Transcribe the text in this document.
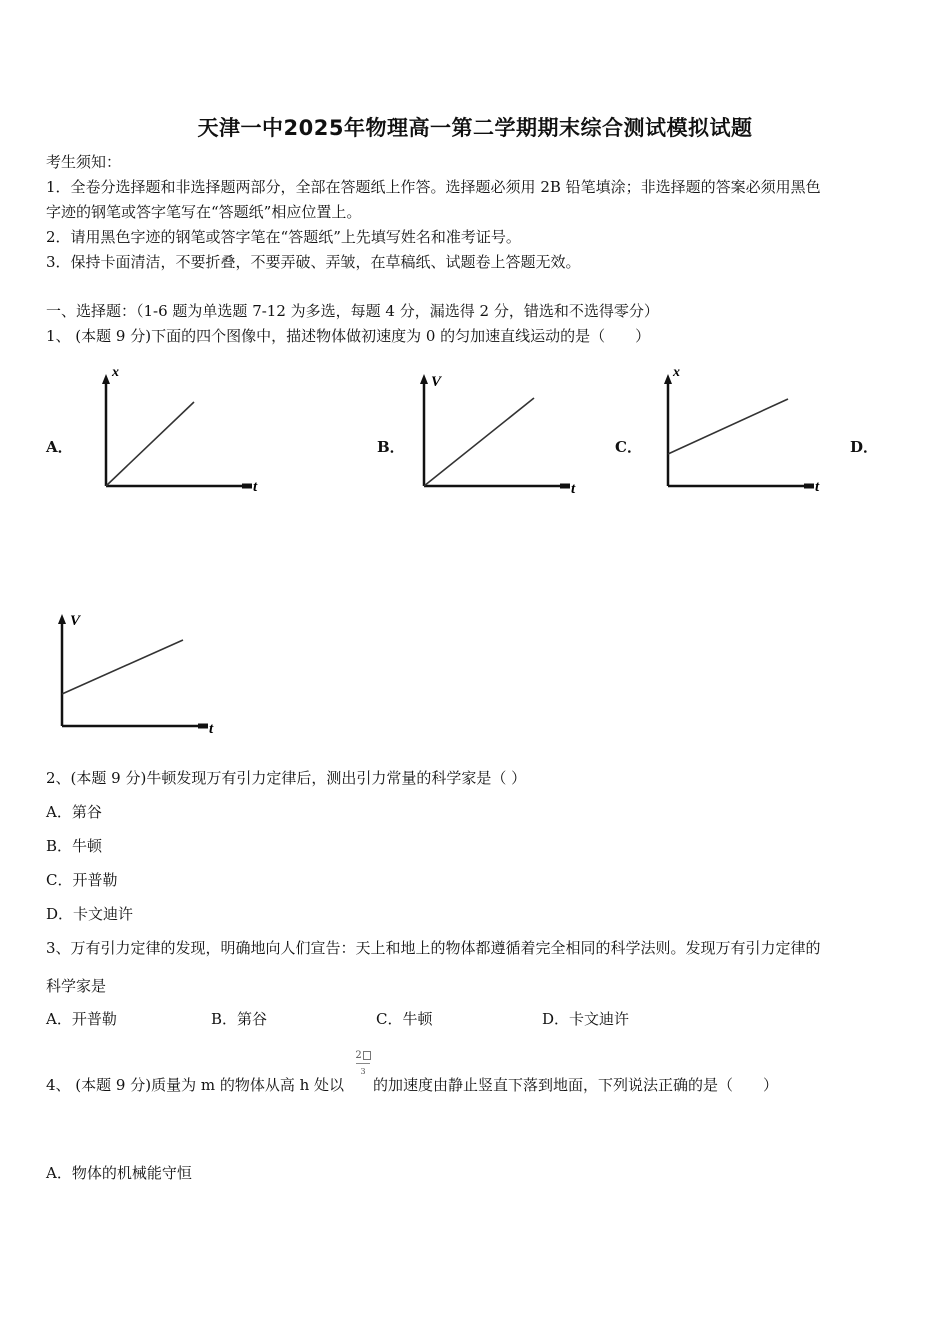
天津一中2025年物理高一第二学期期末综合测试模拟试题
考生须知：
1．全卷分选择题和非选择题两部分，全部在答题纸上作答。选择题必须用 2B 铅笔填涂；非选择题的答案必须用黑色
字迹的钢笔或答字笔写在“答题纸”相应位置上。
2．请用黑色字迹的钢笔或答字笔在“答题纸”上先填写姓名和准考证号。
3．保持卡面清洁，不要折叠，不要弄破、弄皱，在草稿纸、试题卷上答题无效。
一、选择题：（1-6 题为单选题 7-12 为多选，每题 4 分，漏选得 2 分，错选和不选得零分）
1、 (本题 9 分)下面的四个图像中，描述物体做初速度为 0 的匀加速直线运动的是（　　）
A．	B．	C．	D．
x
t
V
t
x
t
V
t
2、(本题 9 分)牛顿发现万有引力定律后，测出引力常量的科学家是（ ）
A．第谷
B．牛顿
C．开普勒
D．卡文迪许
3、万有引力定律的发现，明确地向人们宣告：天上和地上的物体都遵循着完全相同的科学法则。发现万有引力定律的
科学家是
A．开普勒	B．第谷	C．牛顿	D．卡文迪许
4、 (本题 9 分)质量为 m 的物体从高 h 处以
2
3
的加速度由静止竖直下落到地面，下列说法正确的是（　　）
A．物体的机械能守恒
